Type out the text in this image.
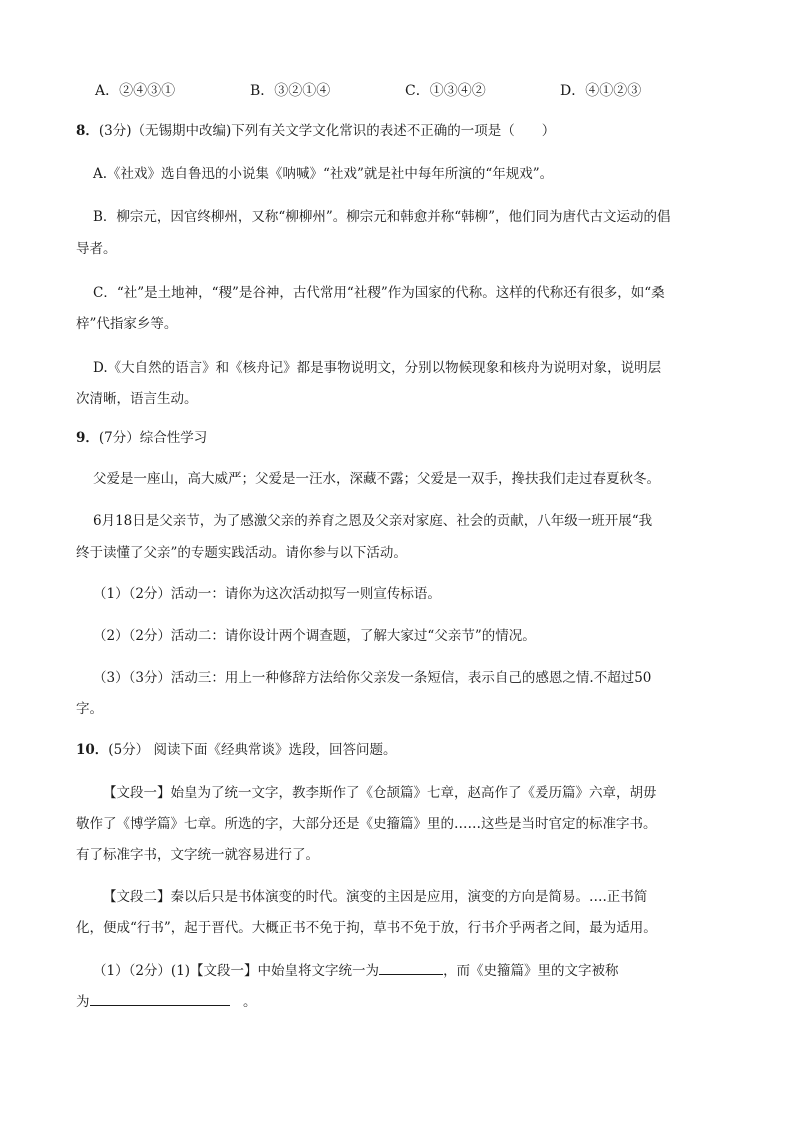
A．②④③①	B．③②①④	C．①③④②	D．④①②③
8．(3分)（无锡期中改编)下列有关文学文化常识的表述不正确的一项是（　　）
A.《社戏》选自鲁迅的小说集《呐喊》“社戏”就是社中每年所演的“年规戏”。
B．柳宗元，因官终柳州，又称“柳柳州”。柳宗元和韩愈并称“韩柳”，他们同为唐代古文运动的倡
导者。
C．“社”是土地神，“稷”是谷神，古代常用“社稷”作为国家的代称。这样的代称还有很多，如“桑
梓”代指家乡等。
D.《大自然的语言》和《核舟记》都是事物说明文，分别以物候现象和核舟为说明对象，说明层
次清晰，语言生动。
9．(7分）综合性学习
父爱是一座山，高大威严；父爱是一汪水，深藏不露；父爱是一双手，搀扶我们走过春夏秋冬。
6月18日是父亲节，为了感激父亲的养育之恩及父亲对家庭、社会的贡献，八年级一班开展“我
终于读懂了父亲”的专题实践活动。请你参与以下活动。
（1）（2分）活动一：请你为这次活动拟写一则宣传标语。
（2）（2分）活动二：请你设计两个调查题，了解大家过“父亲节”的情况。
（3）（3分）活动三：用上一种修辞方法给你父亲发一条短信，表示自己的感恩之情.不超过50
字。
10．(5分） 阅读下面《经典常谈》选段，回答问题。
【文段一】始皇为了统一文字，教李斯作了《仓颉篇》七章，赵高作了《爰历篇》六章，胡毋
敬作了《博学篇》七章。所选的字，大部分还是《史籀篇》里的……这些是当时官定的标准字书。
有了标准字书，文字统一就容易进行了。
【文段二】秦以后只是书体演变的时代。演变的主因是应用，演变的方向是简易。….正书简
化，便成“行书”，起于晋代。大概正书不免于拘，草书不免于放，行书介乎两者之间，最为适用。
（1）（2分）(1)【文段一】中始皇将文字统一为	，而《史籀篇》里的文字被称
为	　。
